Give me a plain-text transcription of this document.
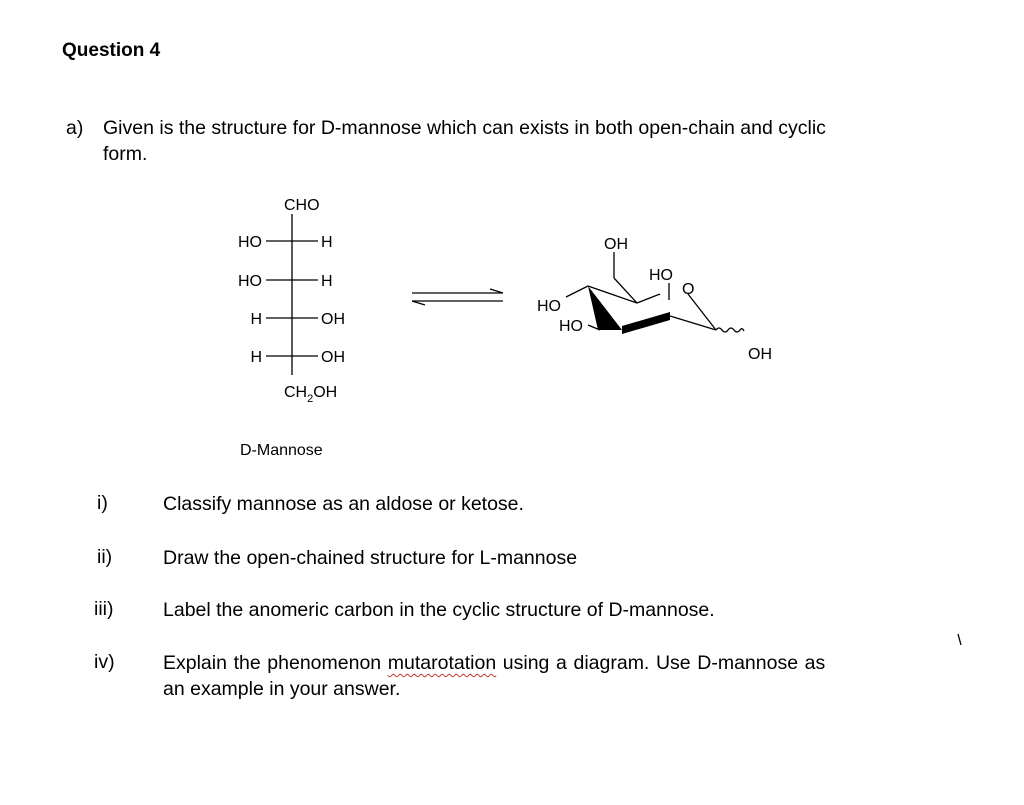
Question 4
a) Given is the structure for D-mannose which can exists in both open-chain and cyclic
form.
CHO
HO	H
HO	H
H	OH
H	OH
$CH_2OH$
D-Mannose
OH
HO
O
HO
HO
OH
i)	Classify mannose as an aldose or ketose.
ii)	Draw the open-chained structure for L-mannose
iii)	Label the anomeric carbon in the cyclic structure of D-mannose.
iv) Explain the phenomenon mutarotation using a diagram. Use D-mannose as
an example in your answer.
